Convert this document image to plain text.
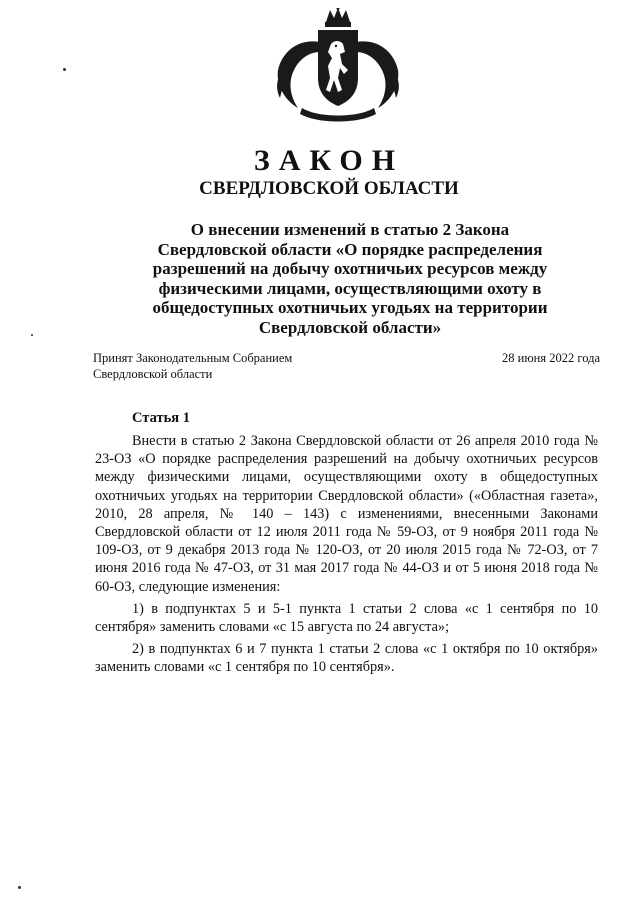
ЗАКОН
СВЕРДЛОВСКОЙ ОБЛАСТИ
О внесении изменений в статью 2 Закона Свердловской области «О порядке распределения разрешений на добычу охотничьих ресурсов между физическими лицами, осуществляющими охоту в общедоступных охотничьих угодьях на территории Свердловской области»
Принят Законодательным Собранием
Свердловской области
28 июня 2022 года
Статья 1

Внести в статью 2 Закона Свердловской области от 26 апреля 2010 года № 23-ОЗ «О порядке распределения разрешений на добычу охотничьих ресурсов между физическими лицами, осуществляющими охоту в общедоступных охотничьих угодьях на территории Свердловской области» («Областная газета», 2010, 28 апреля, № 140 – 143) с изменениями, внесенными Законами Свердловской области от 12 июля 2011 года № 59-ОЗ, от 9 ноября 2011 года № 109-ОЗ, от 9 декабря 2013 года № 120-ОЗ, от 20 июля 2015 года № 72-ОЗ, от 7 июня 2016 года № 47-ОЗ, от 31 мая 2017 года № 44-ОЗ и от 5 июня 2018 года № 60-ОЗ, следующие изменения:

1) в подпунктах 5 и 5-1 пункта 1 статьи 2 слова «с 1 сентября по 10 сентября» заменить словами «с 15 августа по 24 августа»;

2) в подпунктах 6 и 7 пункта 1 статьи 2 слова «с 1 октября по 10 октября» заменить словами «с 1 сентября по 10 сентября».
